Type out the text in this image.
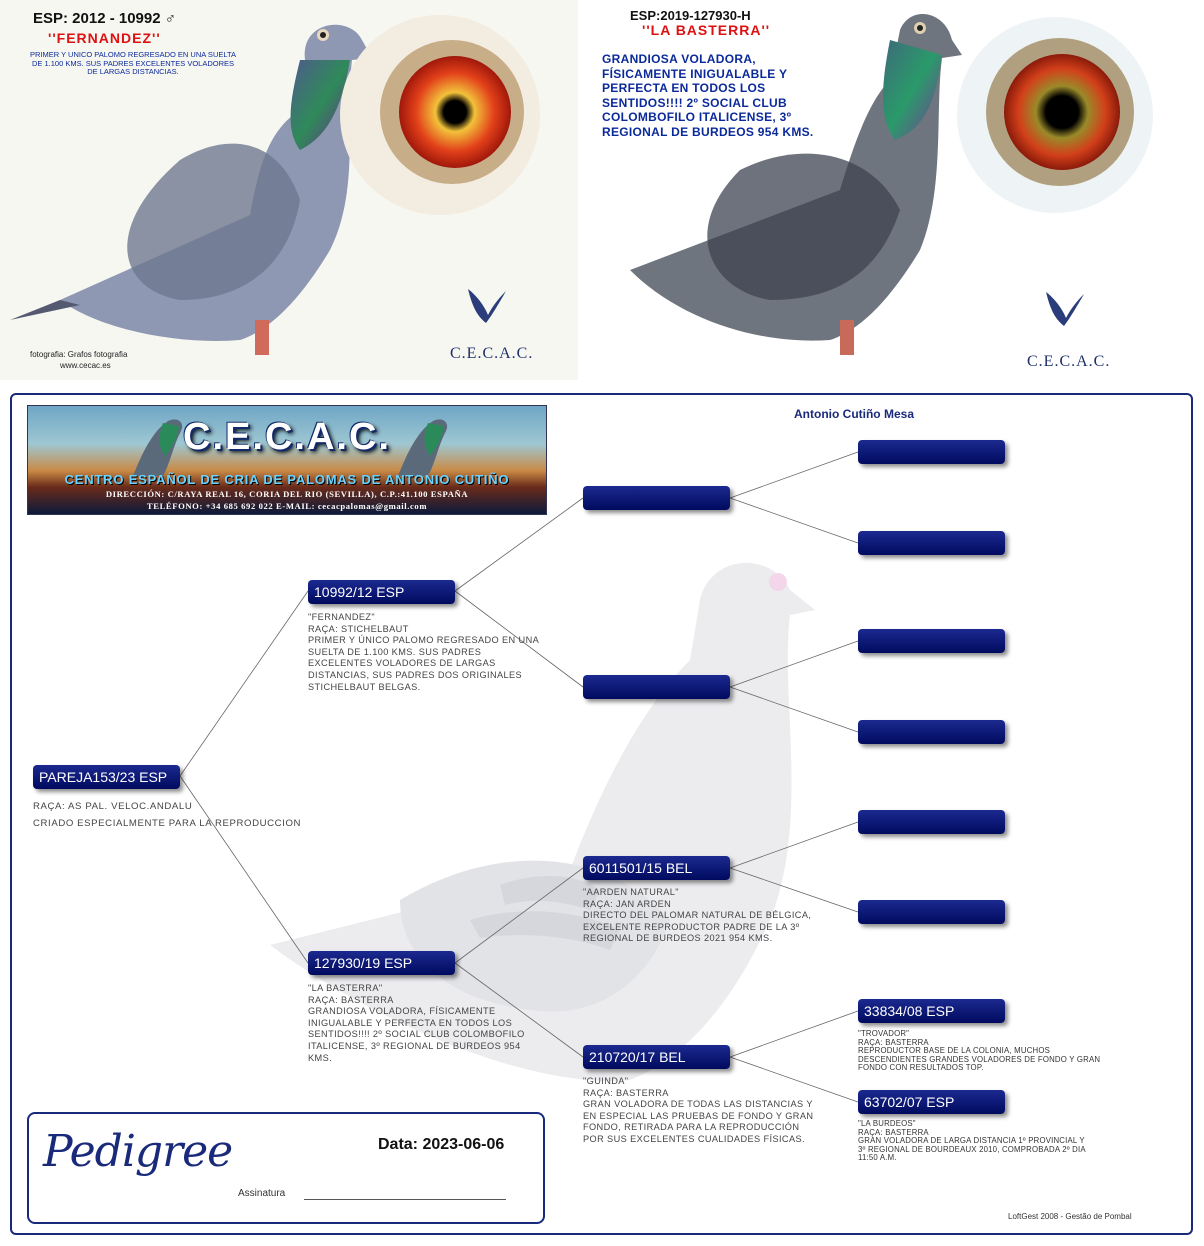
ESP: 2012 - 10992 ♂
''FERNANDEZ''
PRIMER Y UNICO PALOMO REGRESADO EN UNA SUELTA DE 1.100 KMS. SUS PADRES EXCELENTES VOLADORES DE LARGAS DISTANCIAS.
fotografia: Grafos fotografia
www.cecac.es
C.E.C.A.C.
ESP:2019-127930-H
''LA BASTERRA''
GRANDIOSA VOLADORA, FÍSICAMENTE INIGUALABLE Y PERFECTA EN TODOS LOS SENTIDOS!!!! 2º SOCIAL CLUB COLOMBOFILO ITALICENSE, 3º REGIONAL DE BURDEOS 954 KMS.
C.E.C.A.C.
C.E.C.A.C.
CENTRO ESPAÑOL DE CRIA DE PALOMAS DE ANTONIO CUTIÑO
DIRECCIÓN: C/RAYA REAL 16, CORIA DEL RIO (SEVILLA), C.P.:41.100 ESPAÑA
TELÉFONO: +34 685 692 022 E-MAIL: cecacpalomas@gmail.com
Antonio Cutiño Mesa
PAREJA153/23 ESP
RAÇA: AS PAL. VELOC.ANDALU
CRIADO ESPECIALMENTE PARA LA REPRODUCCION
10992/12 ESP
"FERNANDEZ"
RAÇA: STICHELBAUT
PRIMER Y ÚNICO PALOMO REGRESADO EN UNA
SUELTA DE 1.100 KMS. SUS PADRES
EXCELENTES VOLADORES DE LARGAS
DISTANCIAS, SUS PADRES DOS ORIGINALES
STICHELBAUT BELGAS.
127930/19 ESP
"LA BASTERRA"
RAÇA: BASTERRA
GRANDIOSA VOLADORA, FÍSICAMENTE
INIGUALABLE Y PERFECTA EN TODOS LOS
SENTIDOS!!!! 2º SOCIAL CLUB COLOMBOFILO
ITALICENSE, 3º REGIONAL DE BURDEOS 954
KMS.
6011501/15 BEL
"AARDEN NATURAL"
RAÇA: JAN ARDEN
DIRECTO DEL PALOMAR NATURAL DE BÉLGICA,
EXCELENTE REPRODUCTOR PADRE DE LA 3º
REGIONAL DE BURDEOS 2021 954 KMS.
210720/17 BEL
"GUINDA"
RAÇA: BASTERRA
GRAN VOLADORA DE TODAS LAS DISTANCIAS Y
EN ESPECIAL LAS PRUEBAS DE FONDO Y GRAN
FONDO, RETIRADA PARA LA REPRODUCCIÓN
POR SUS EXCELENTES CUALIDADES FÍSICAS.
33834/08 ESP
"TROVADOR"
RAÇA: BASTERRA
REPRODUCTOR BASE DE LA COLONIA, MUCHOS
DESCENDIENTES GRANDES VOLADORES DE FONDO Y GRAN
FONDO CON RESULTADOS TOP.
63702/07 ESP
"LA BURDEOS"
RAÇA: BASTERRA
GRAN VOLADORA DE LARGA DISTANCIA 1º PROVINCIAL Y
3º REGIONAL DE BOURDEAUX 2010, COMPROBADA 2º DIA
11:50 A.M.
Pedigree	Data: 2023-06-06
Assinatura
LoftGest 2008 - Gestão de Pombal
